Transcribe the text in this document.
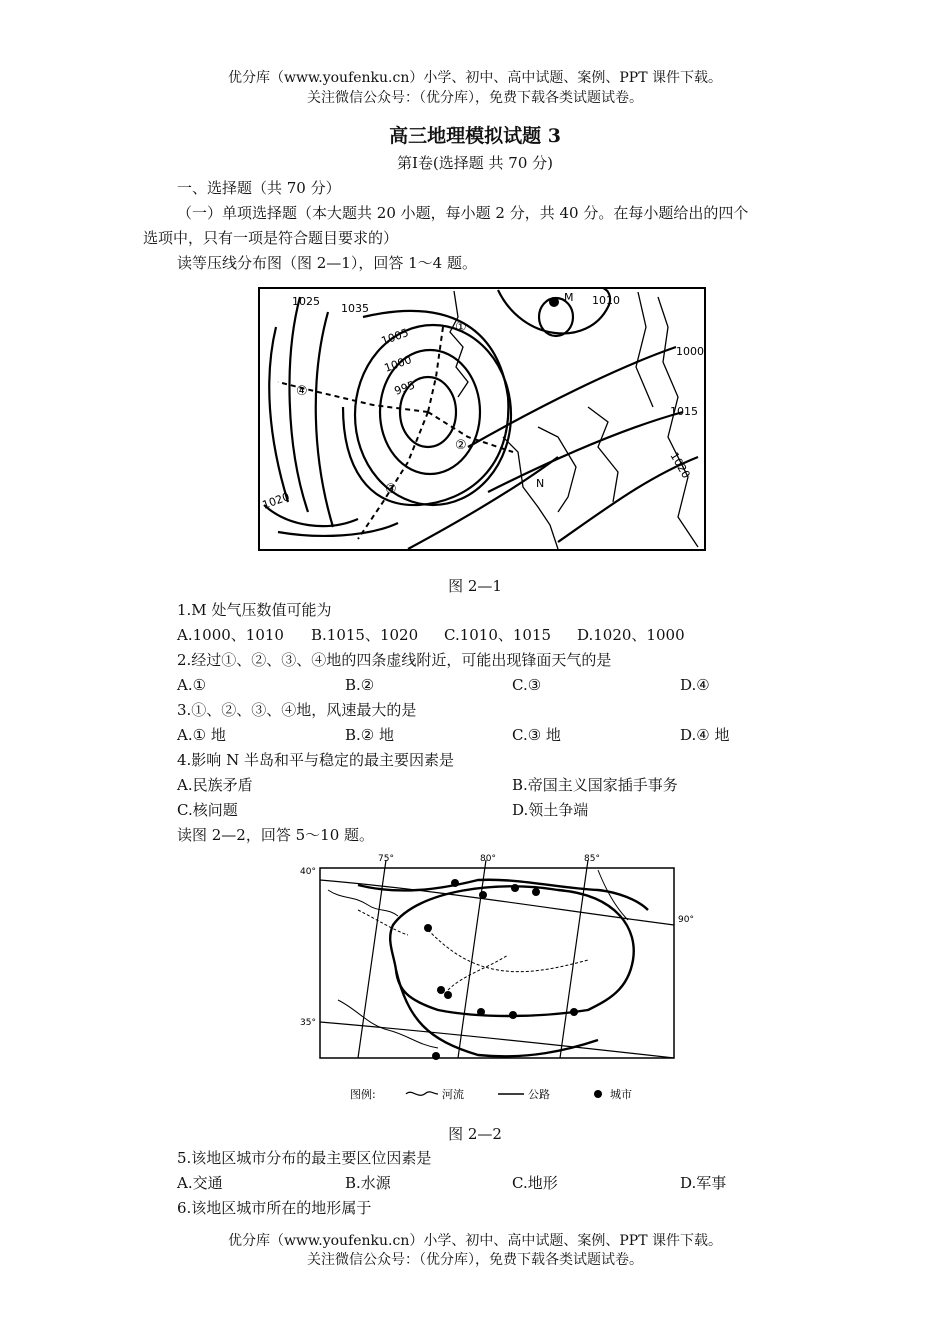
优分库（www.youfenku.cn）小学、初中、高中试题、案例、PPT 课件下载。
关注微信公众号：（优分库），免费下载各类试题试卷。
高三地理模拟试题 3
第Ⅰ卷(选择题 共 70 分)
一、选择题（共 70 分）
（一）单项选择题（本大题共 20 小题，每小题 2 分，共 40 分。在每小题给出的四个
选项中，只有一项是符合题目要求的）
读等压线分布图（图 2—1），回答 1～4 题。
1025
1035
1005
1000
995
1020
1010
1000
1015
1020
M
N
①
②
③
④
图 2—1
1.M 处气压数值可能为
A.1000、1010 B.1015、1020 C.1010、1015 D.1020、1000
2.经过①、②、③、④地的四条虚线附近，可能出现锋面天气的是
A.①	B.②	C.③	D.④
3.①、②、③、④地，风速最大的是
A.① 地	B.② 地	C.③ 地	D.④ 地
4.影响 N 半岛和平与稳定的最主要因素是
A.民族矛盾	B.帝国主义国家插手事务
C.核问题	D.领土争端
读图 2—2，回答 5～10 题。
75°	80°	85°
90°
40°
35°
图例:	河流	公路	城市
图 2—2
5.该地区城市分布的最主要区位因素是
A.交通	B.水源	C.地形	D.军事
6.该地区城市所在的地形属于
优分库（www.youfenku.cn）小学、初中、高中试题、案例、PPT 课件下载。
关注微信公众号：（优分库），免费下载各类试题试卷。
